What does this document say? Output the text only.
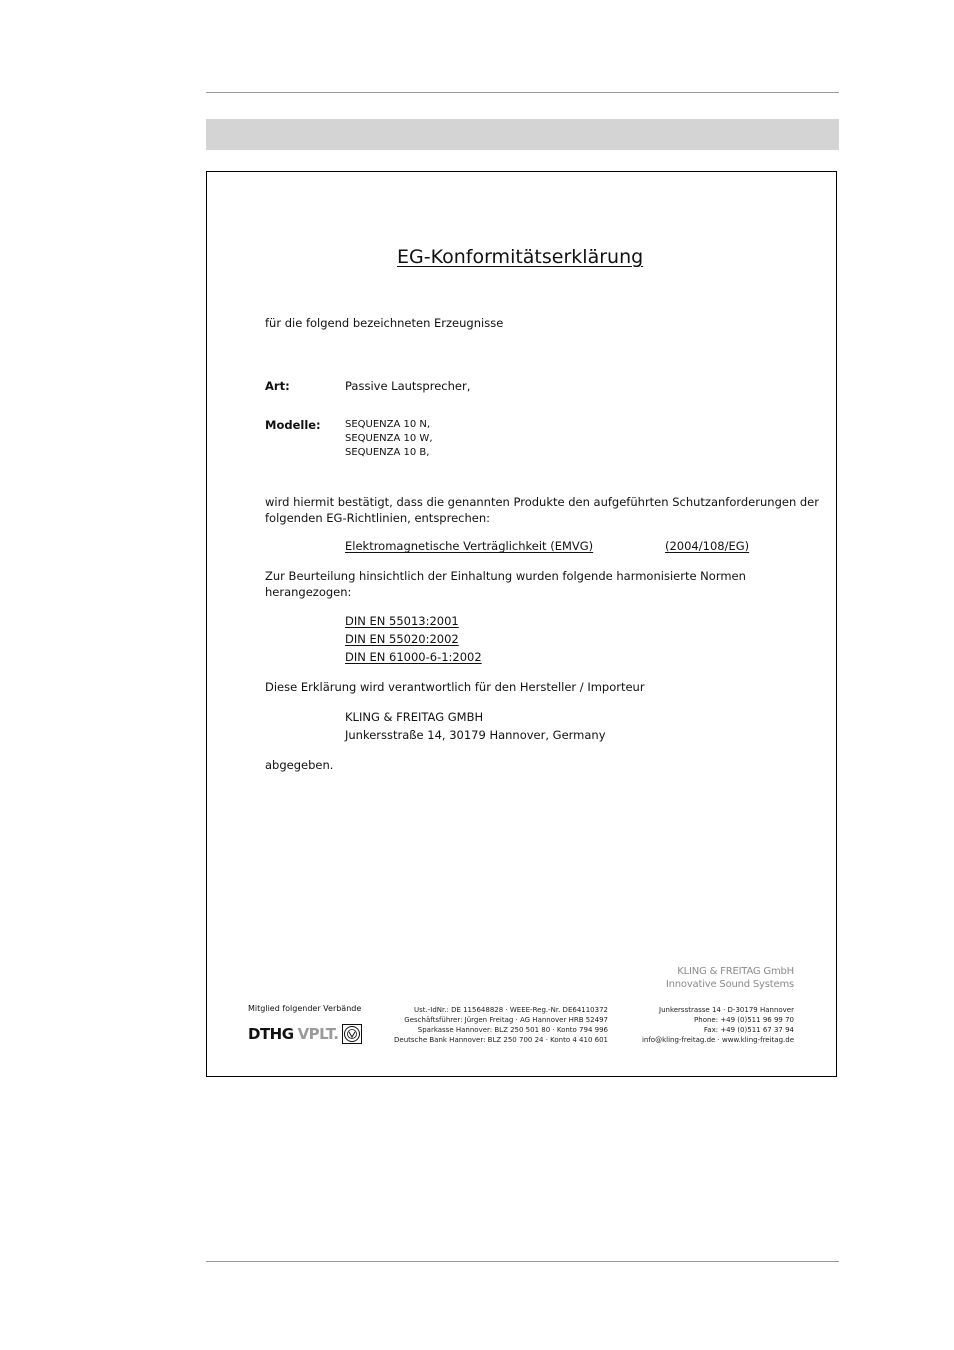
EG-Konformitätserklärung
für die folgend bezeichneten Erzeugnisse
Art:	Passive Lautsprecher,
Modelle: SEQUENZA 10 N,
SEQUENZA 10 W,
SEQUENZA 10 B,
wird hiermit bestätigt, dass die genannten Produkte den aufgeführten Schutzanforderungen der
folgenden EG-Richtlinien, entsprechen:
Elektromagnetische Verträglichkeit (EMVG)	(2004/108/EG)
Zur Beurteilung hinsichtlich der Einhaltung wurden folgende harmonisierte Normen
herangezogen:
DIN EN 55013:2001
DIN EN 55020:2002
DIN EN 61000-6-1:2002
Diese Erklärung wird verantwortlich für den Hersteller / Importeur
KLING & FREITAG GMBH
Junkersstraße 14, 30179 Hannover, Germany
abgegeben.
KLING & FREITAG GmbH
Innovative Sound Systems
Mitglied folgender Verbände
DTHG VPLT.
Ust.-IdNr.: DE 115648828 · WEEE-Reg.-Nr. DE64110372
Geschäftsführer: Jürgen Freitag · AG Hannover HRB 52497
Sparkasse Hannover: BLZ 250 501 80 · Konto 794 996
Deutsche Bank Hannover: BLZ 250 700 24 · Konto 4 410 601
Junkersstrasse 14 · D-30179 Hannover
Phone: +49 (0)511 96 99 70
Fax: +49 (0)511 67 37 94
info@kling-freitag.de · www.kling-freitag.de
